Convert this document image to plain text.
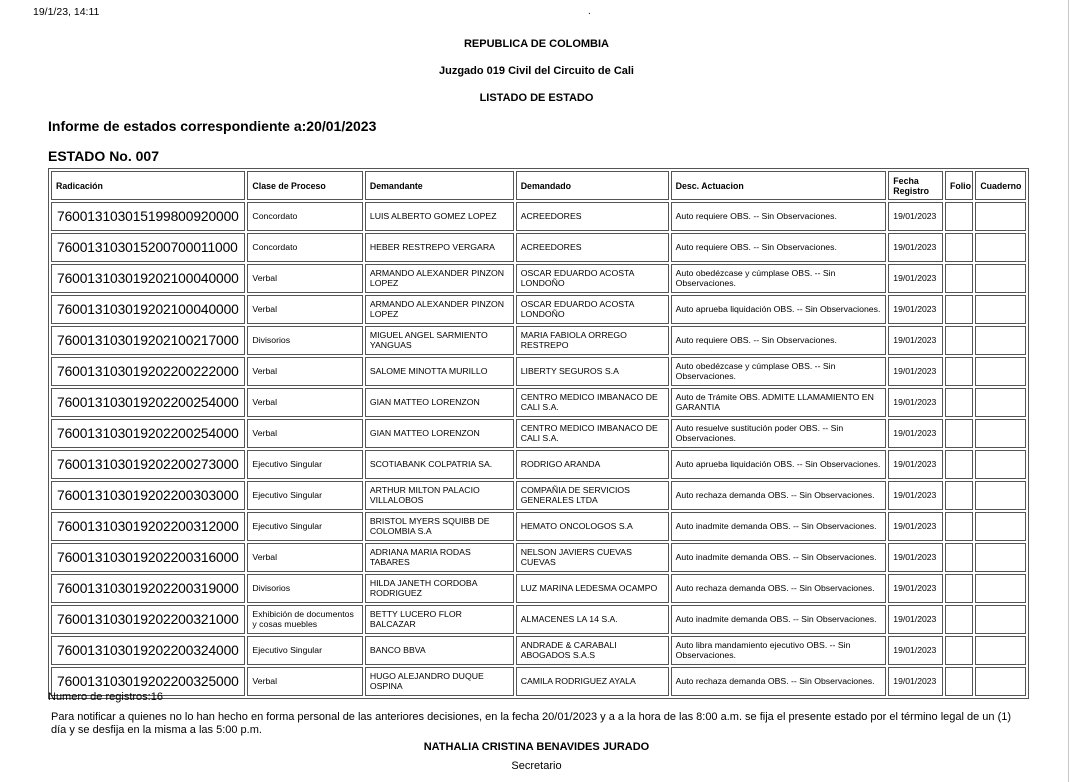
19/1/23, 14:11	.
REPUBLICA DE COLOMBIA
Juzgado 019 Civil del Circuito de Cali
LISTADO DE ESTADO
Informe de estados correspondiente a:20/01/2023
ESTADO No. 007
Radicación	Clase de Proceso	Demandante	Demandado	Desc. Actuacion	Fecha Registro	Folio	Cuaderno
760013103015199800920000	Concordato	LUIS ALBERTO GOMEZ LOPEZ	ACREEDORES	Auto requiere OBS. -- Sin Observaciones.	19/01/2023		
760013103015200700011000	Concordato	HEBER RESTREPO VERGARA	ACREEDORES	Auto requiere OBS. -- Sin Observaciones.	19/01/2023		
760013103019202100040000	Verbal	ARMANDO ALEXANDER PINZON LOPEZ	OSCAR EDUARDO ACOSTA LONDOÑO	Auto obedézcase y cúmplase OBS. -- Sin Observaciones.	19/01/2023		
760013103019202100040000	Verbal	ARMANDO ALEXANDER PINZON LOPEZ	OSCAR EDUARDO ACOSTA LONDOÑO	Auto aprueba liquidación OBS. -- Sin Observaciones.	19/01/2023		
760013103019202100217000	Divisorios	MIGUEL ANGEL SARMIENTO YANGUAS	MARIA FABIOLA ORREGO RESTREPO	Auto requiere OBS. -- Sin Observaciones.	19/01/2023		
760013103019202200222000	Verbal	SALOME MINOTTA MURILLO	LIBERTY SEGUROS S.A	Auto obedézcase y cúmplase OBS. -- Sin Observaciones.	19/01/2023		
760013103019202200254000	Verbal	GIAN MATTEO LORENZON	CENTRO MEDICO IMBANACO DE CALI S.A.	Auto de Trámite OBS. ADMITE LLAMAMIENTO EN GARANTIA	19/01/2023		
760013103019202200254000	Verbal	GIAN MATTEO LORENZON	CENTRO MEDICO IMBANACO DE CALI S.A.	Auto resuelve sustitución poder OBS. -- Sin Observaciones.	19/01/2023		
760013103019202200273000	Ejecutivo Singular	SCOTIABANK COLPATRIA SA.	RODRIGO ARANDA	Auto aprueba liquidación OBS. -- Sin Observaciones.	19/01/2023		
760013103019202200303000	Ejecutivo Singular	ARTHUR MILTON PALACIO VILLALOBOS	COMPAÑIA DE SERVICIOS GENERALES LTDA	Auto rechaza demanda OBS. -- Sin Observaciones.	19/01/2023		
760013103019202200312000	Ejecutivo Singular	BRISTOL MYERS SQUIBB DE COLOMBIA S.A	HEMATO ONCOLOGOS S.A	Auto inadmite demanda OBS. -- Sin Observaciones.	19/01/2023		
760013103019202200316000	Verbal	ADRIANA MARIA RODAS TABARES	NELSON JAVIERS CUEVAS CUEVAS	Auto inadmite demanda OBS. -- Sin Observaciones.	19/01/2023		
760013103019202200319000	Divisorios	HILDA JANETH CORDOBA RODRIGUEZ	LUZ MARINA LEDESMA OCAMPO	Auto rechaza demanda OBS. -- Sin Observaciones.	19/01/2023		
760013103019202200321000	Exhibición de documentos y cosas muebles	BETTY LUCERO FLOR BALCAZAR	ALMACENES LA 14 S.A.	Auto inadmite demanda OBS. -- Sin Observaciones.	19/01/2023		
760013103019202200324000	Ejecutivo Singular	BANCO BBVA	ANDRADE & CARABALI ABOGADOS S.A.S	Auto libra mandamiento ejecutivo OBS. -- Sin Observaciones.	19/01/2023		
760013103019202200325000	Verbal	HUGO ALEJANDRO DUQUE OSPINA	CAMILA RODRIGUEZ AYALA	Auto rechaza demanda OBS. -- Sin Observaciones.	19/01/2023		
Numero de registros:16
Para notificar a quienes no lo han hecho en forma personal de las anteriores decisiones, en la fecha 20/01/2023 y a a la hora de las 8:00 a.m. se fija el presente estado por el término legal de un (1) día y se desfija en la misma a las 5:00 p.m.
NATHALIA CRISTINA BENAVIDES JURADO
Secretario
